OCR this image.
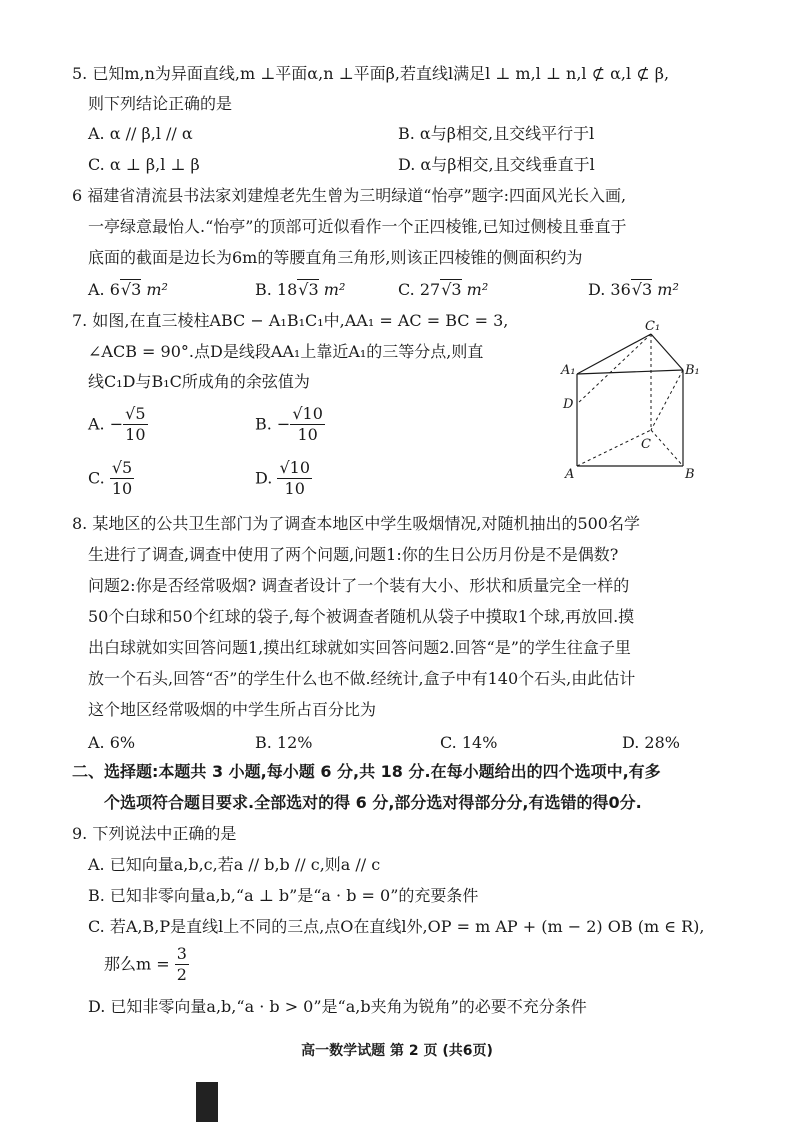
5. 已知m,n为异面直线,m ⊥平面α,n ⊥平面β,若直线l满足l ⊥ m,l ⊥ n,l ⊄ α,l ⊄ β,
则下列结论正确的是
A. α // β,l // α	B. α与β相交,且交线平行于l
C. α ⊥ β,l ⊥ β	D. α与β相交,且交线垂直于l
6 福建省清流县书法家刘建煌老先生曾为三明绿道“怡亭”题字:四面风光长入画,
一亭绿意最怡人.“怡亭”的顶部可近似看作一个正四棱锥,已知过侧棱且垂直于
底面的截面是边长为6m的等腰直角三角形,则该正四棱锥的侧面积约为
A. 6√3 m²	B. 18√3 m²	C. 27√3 m²	D. 36√3 m²
7. 如图,在直三棱柱ABC − A₁B₁C₁中,AA₁ = AC = BC = 3,
∠ACB = 90°.点D是线段AA₁上靠近A₁的三等分点,则直
线C₁D与B₁C所成角的余弦值为
A. − $\frac{√5}{10}$	B. − $\frac{√10}{10}$
C. $\frac{√5}{10}$	D. $\frac{√10}{10}$
C₁
A₁	B₁
D
C
A	B
8. 某地区的公共卫生部门为了调查本地区中学生吸烟情况,对随机抽出的500名学
生进行了调查,调查中使用了两个问题,问题1:你的生日公历月份是不是偶数?
问题2:你是否经常吸烟? 调查者设计了一个装有大小、形状和质量完全一样的
50个白球和50个红球的袋子,每个被调查者随机从袋子中摸取1个球,再放回.摸
出白球就如实回答问题1,摸出红球就如实回答问题2.回答“是”的学生往盒子里
放一个石头,回答“否”的学生什么也不做.经统计,盒子中有140个石头,由此估计
这个地区经常吸烟的中学生所占百分比为
A. 6%	B. 12%	C. 14%	D. 28%
二、选择题:本题共 3 小题,每小题 6 分,共 18 分.在每小题给出的四个选项中,有多
个选项符合题目要求.全部选对的得 6 分,部分选对得部分分,有选错的得0分.
9. 下列说法中正确的是
A. 已知向量a,b,c,若a // b,b // c,则a // c
B. 已知非零向量a,b,“a ⊥ b”是“a · b = 0”的充要条件
C. 若A,B,P是直线l上不同的三点,点O在直线l外,OP = m AP + (m − 2) OB (m ∈ R),
那么$m = \frac{3}{2}$
D. 已知非零向量a,b,“a · b > 0”是“a,b夹角为锐角”的必要不充分条件
高一数学试题 第 2 页 (共6页)
